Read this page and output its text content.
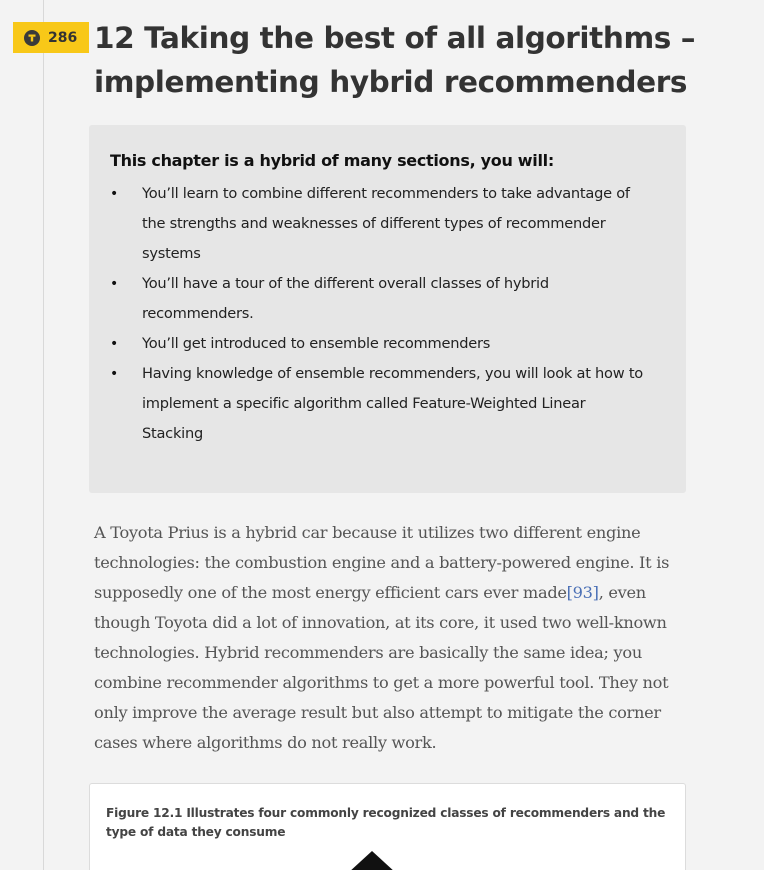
286 12 Taking the best of all algorithms – implementing hybrid recommenders
This chapter is a hybrid of many sections, you will:
• You’ll learn to combine different recommenders to take advantage of the strengths and weaknesses of different types of recommender systems
• You’ll have a tour of the different overall classes of hybrid recommenders.
• You’ll get introduced to ensemble recommenders
• Having knowledge of ensemble recommenders, you will look at how to implement a specific algorithm called Feature-Weighted Linear Stacking

A Toyota Prius is a hybrid car because it utilizes two different engine technologies: the combustion engine and a battery-powered engine. It is supposedly one of the most energy efficient cars ever made[93], even though Toyota did a lot of innovation, at its core, it used two well-known technologies. Hybrid recommenders are basically the same idea; you combine recommender algorithms to get a more powerful tool. They not only improve the average result but also attempt to mitigate the corner cases where algorithms do not really work.

Figure 12.1 Illustrates four commonly recognized classes of recommenders and the type of data they consume
